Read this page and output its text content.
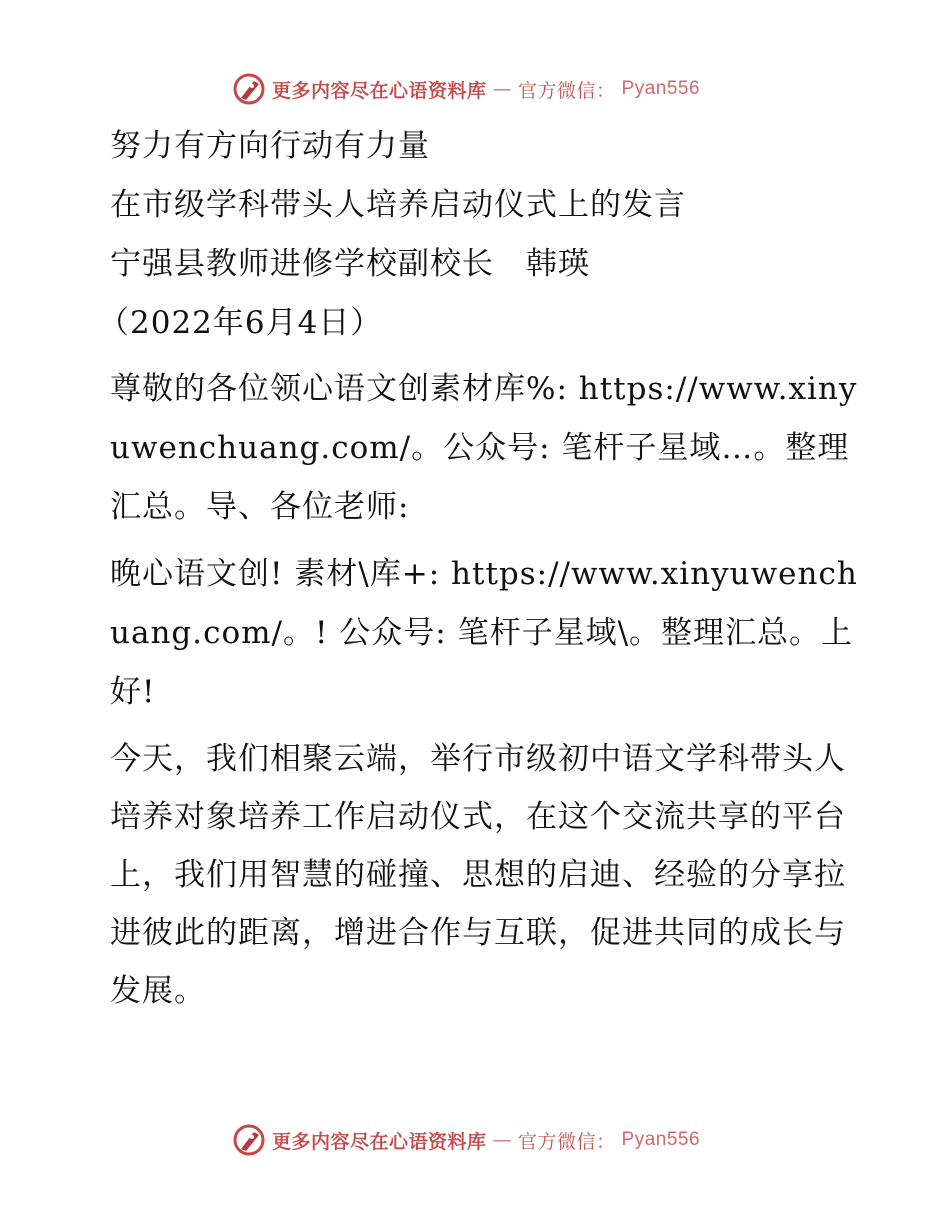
更多内容尽在心语资料库 — 官方微信： Pyan556

努力有方向行动有力量

在市级学科带头人培养启动仪式上的发言

宁强县教师进修学校副校长　韩瑛

（2022年6月4日）

尊敬的各位领心语文创素材库%: https://www.xinyuwenchuang.com/。公众号: 笔杆子星域…。整理汇总。导、各位老师:

晚心语文创! 素材\库+: https://www.xinyuwenchuang.com/。! 公众号: 笔杆子星域\。整理汇总。上好!

今天，我们相聚云端，举行市级初中语文学科带头人培养对象培养工作启动仪式，在这个交流共享的平台上，我们用智慧的碰撞、思想的启迪、经验的分享拉进彼此的距离，增进合作与互联，促进共同的成长与发展。

更多内容尽在心语资料库 — 官方微信： Pyan556
